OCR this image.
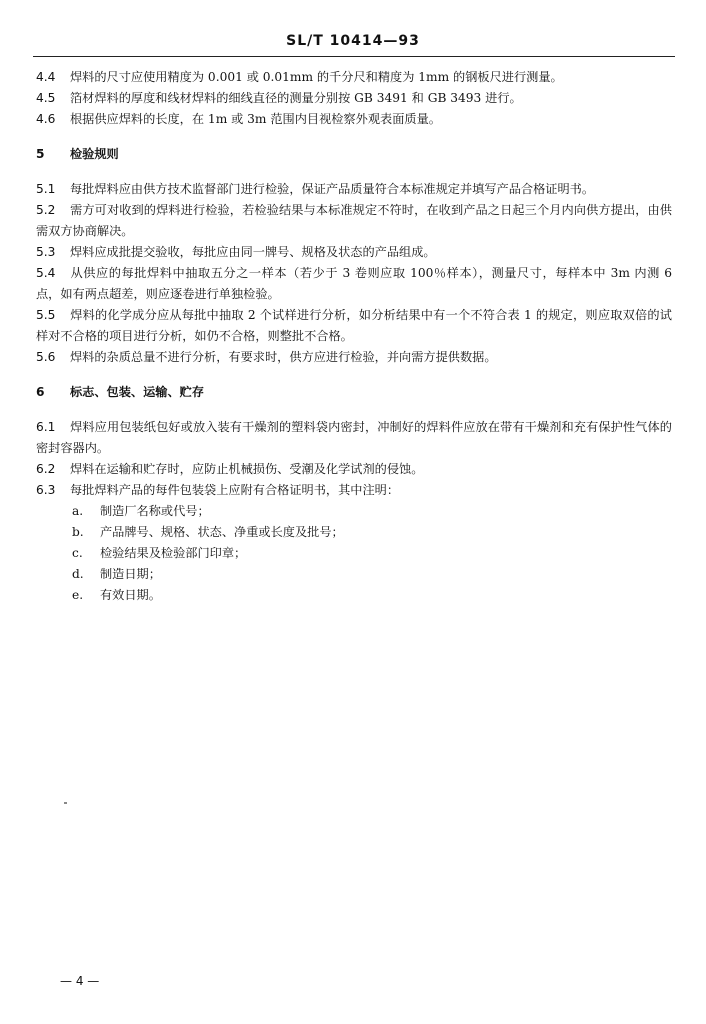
SL/T 10414—93

4.4 焊料的尺寸应使用精度为 0.001 或 0.01mm 的千分尺和精度为 1mm 的钢板尺进行测量。

4.5 箔材焊料的厚度和线材焊料的细线直径的测量分别按 GB 3491 和 GB 3493 进行。

4.6 根据供应焊料的长度，在 1m 或 3m 范围内目视检察外观表面质量。

5 检验规则

5.1 每批焊料应由供方技术监督部门进行检验，保证产品质量符合本标准规定并填写产品合格证明书。

5.2 需方可对收到的焊料进行检验，若检验结果与本标准规定不符时，在收到产品之日起三个月内向供方提出，由供需双方协商解决。

5.3 焊料应成批提交验收，每批应由同一牌号、规格及状态的产品组成。

5.4 从供应的每批焊料中抽取五分之一样本（若少于 3 卷则应取 100％样本），测量尺寸，每样本中 3m 内测 6 点，如有两点超差，则应逐卷进行单独检验。

5.5 焊料的化学成分应从每批中抽取 2 个试样进行分析，如分析结果中有一个不符合表 1 的规定，则应取双倍的试样对不合格的项目进行分析，如仍不合格，则整批不合格。

5.6 焊料的杂质总量不进行分析，有要求时，供方应进行检验，并向需方提供数据。

6 标志、包装、运输、贮存

6.1 焊料应用包装纸包好或放入装有干燥剂的塑料袋内密封，冲制好的焊料件应放在带有干燥剂和充有保护性气体的密封容器内。

6.2 焊料在运输和贮存时，应防止机械损伤、受潮及化学试剂的侵蚀。

6.3 每批焊料产品的每件包装袋上应附有合格证明书，其中注明：

a. 制造厂名称或代号；

b. 产品牌号、规格、状态、净重或长度及批号；

c. 检验结果及检验部门印章；

d. 制造日期；

e. 有效日期。

— 4 —
